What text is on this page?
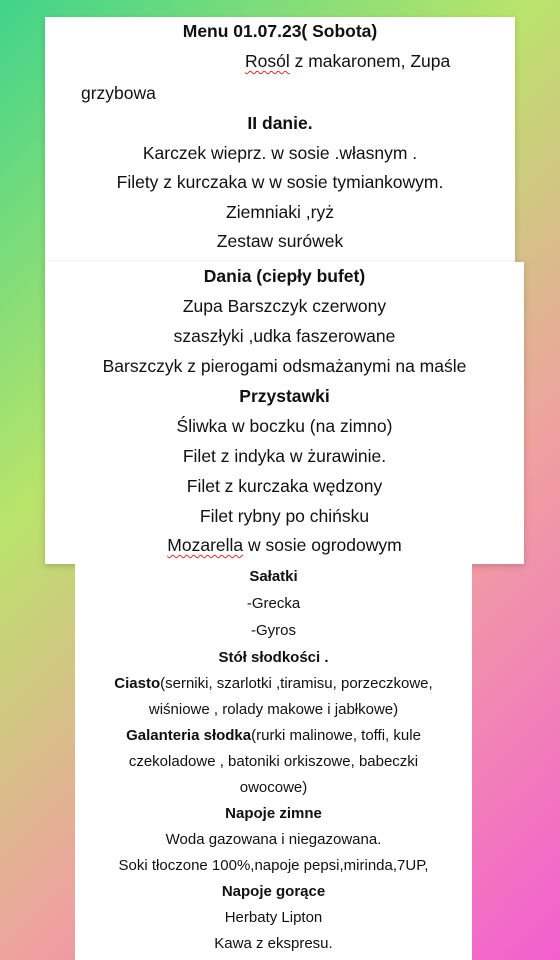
Menu 01.07.23( Sobota)
Rosól z makaronem, Zupa
grzybowa
II danie.
Karczek wieprz. w sosie .własnym .
Filety z kurczaka w w sosie tymiankowym.
Ziemniaki ,ryż
Zestaw surówek
Dania (ciepły bufet)
Zupa Barszczyk czerwony
szaszłyki ,udka faszerowane
Barszczyk z pierogami odsmażanymi na maśle
Przystawki
Śliwka w boczku (na zimno)
Filet z indyka w żurawinie.
Filet z kurczaka wędzony
Filet rybny po chińsku
Mozarella w sosie ogrodowym
Sałatki
-Grecka
-Gyros
Stół słodkości .
Ciasto(serniki, szarlotki ,tiramisu, porzeczkowe,
wiśniowe , rolady makowe i jabłkowe)
Galanteria słodka(rurki malinowe, toffi, kule
czekoladowe , batoniki orkiszowe, babeczki
owocowe)
Napoje zimne
Woda gazowana i niegazowana.
Soki tłoczone 100%,napoje pepsi,mirinda,7UP,
Napoje gorące
Herbaty Lipton
Kawa z ekspresu.
